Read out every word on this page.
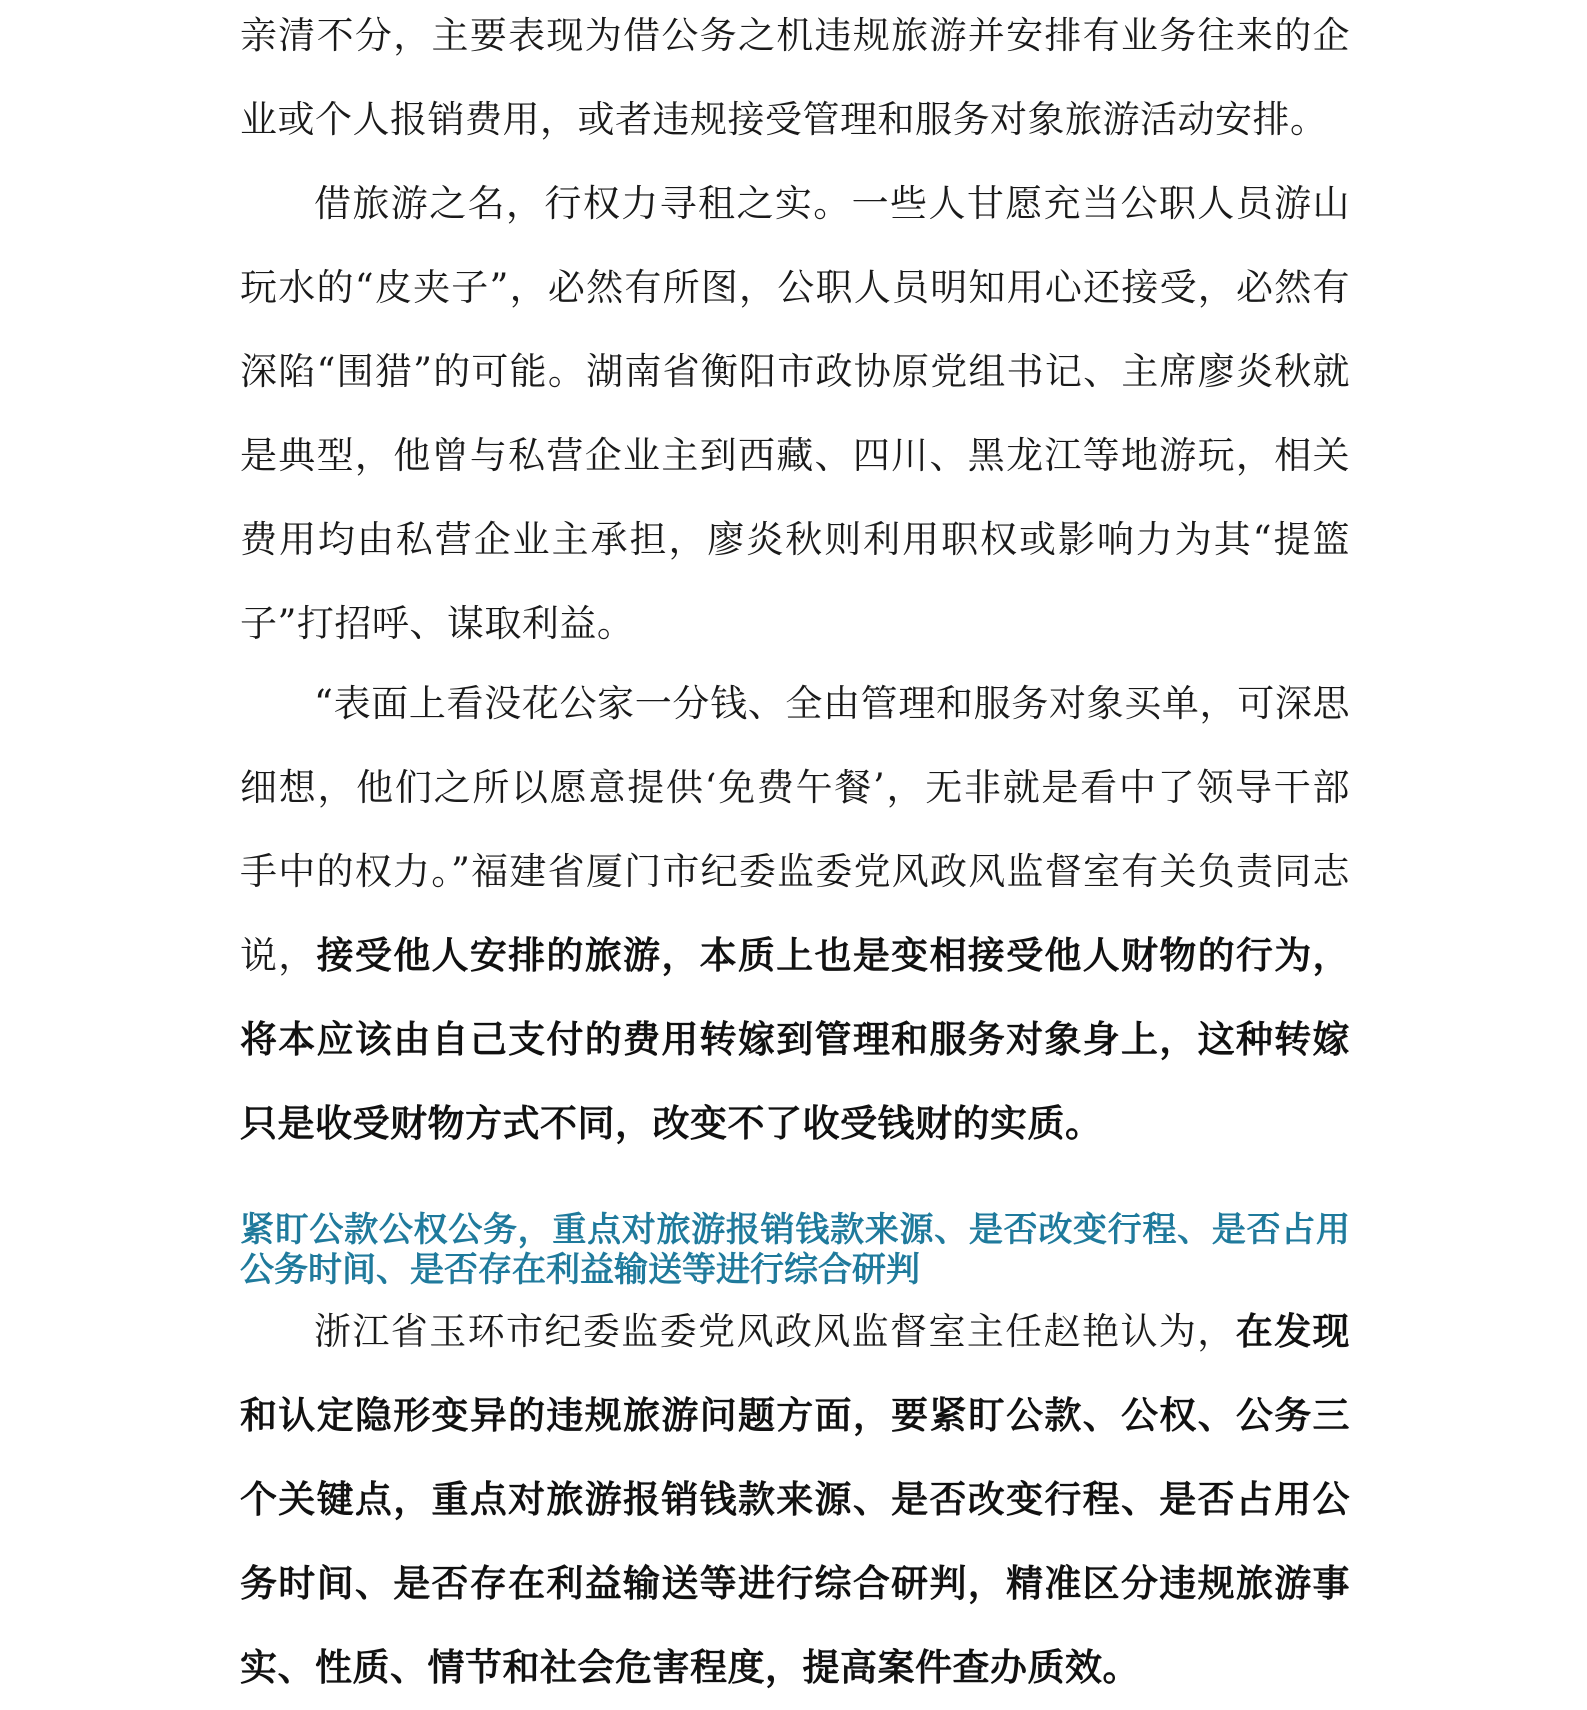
亲清不分，主要表现为借公务之机违规旅游并安排有业务往来的企业或个人报销费用，或者违规接受管理和服务对象旅游活动安排。

借旅游之名，行权力寻租之实。一些人甘愿充当公职人员游山玩水的“皮夹子”，必然有所图，公职人员明知用心还接受，必然有深陷“围猎”的可能。湖南省衡阳市政协原党组书记、主席廖炎秋就是典型，他曾与私营企业主到西藏、四川、黑龙江等地游玩，相关费用均由私营企业主承担，廖炎秋则利用职权或影响力为其“提篮子”打招呼、谋取利益。

“表面上看没花公家一分钱、全由管理和服务对象买单，可深思细想，他们之所以愿意提供‘免费午餐’，无非就是看中了领导干部手中的权力。”福建省厦门市纪委监委党风政风监督室有关负责同志说，接受他人安排的旅游，本质上也是变相接受他人财物的行为，将本应该由自己支付的费用转嫁到管理和服务对象身上，这种转嫁只是收受财物方式不同，改变不了收受钱财的实质。

紧盯公款公权公务，重点对旅游报销钱款来源、是否改变行程、是否占用公务时间、是否存在利益输送等进行综合研判

浙江省玉环市纪委监委党风政风监督室主任赵艳认为，在发现和认定隐形变异的违规旅游问题方面，要紧盯公款、公权、公务三个关键点，重点对旅游报销钱款来源、是否改变行程、是否占用公务时间、是否存在利益输送等进行综合研判，精准区分违规旅游事实、性质、情节和社会危害程度，提高案件查办质效。
